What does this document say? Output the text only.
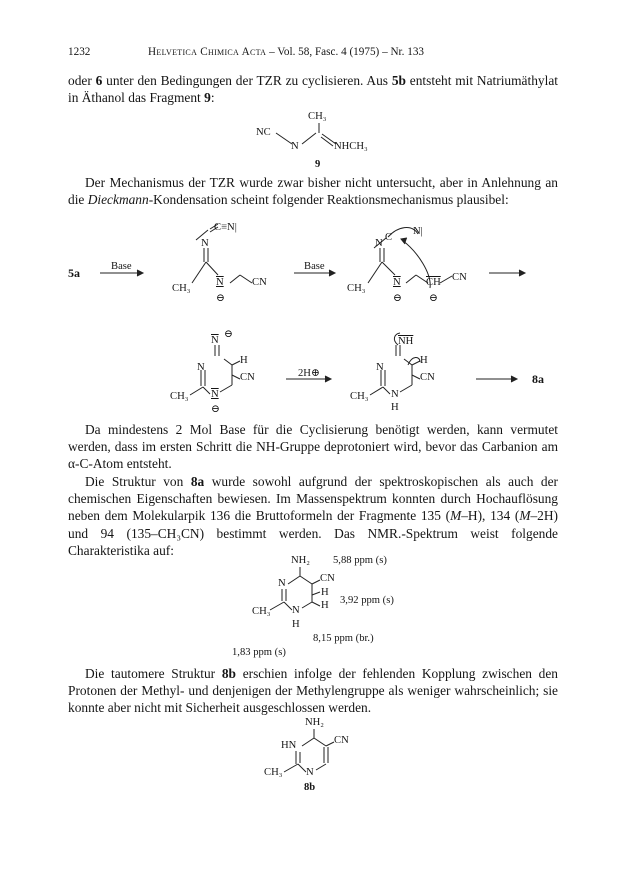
1232	Helvetica Chimica Acta – Vol. 58, Fasc. 4 (1975) – Nr. 133

oder 6 unter den Bedingungen der TZR zu cyclisieren. Aus 5b entsteht mit Natriumäthylat in Äthanol das Fragment 9:

NC
N
CH₃
NHCH₃
9

Der Mechanismus der TZR wurde zwar bisher nicht untersucht, aber in Anlehnung an die Dieckmann-Kondensation scheint folgender Reaktionsmechanismus plausibel:

5a	Base
C≡N|
N
CH₃
N	CN
⊖
Base
C
N|
N
CH₃
N $\overline{CH}$ CN
⊖	⊖
$\overline{N}$
⊖
N
H
CN
CH₃ N
⊖
2H⊕
$\overline{NH}$
N
H
CN
CH₃ N
H
8a

Da mindestens 2 Mol Base für die Cyclisierung benötigt werden, kann vermutet werden, dass im ersten Schritt die NH-Gruppe deprotoniert wird, bevor das Carbanion am α-C-Atom entsteht.

Die Struktur von 8a wurde sowohl aufgrund der spektroskopischen als auch der chemischen Eigenschaften bewiesen. Im Massenspektrum konnten durch Hochauflösung neben dem Molekularpik 136 die Bruttoformeln der Fragmente 135 (M–H), 134 (M–2H) und 94 (135–CH₃CN) bestimmt werden. Das NMR.-Spektrum weist folgende Charakteristika auf:

NH₂
N	CN
H
H
CH₃ N
H
5,88 ppm (s)
3,92 ppm (s)
8,15 ppm (br.)
1,83 ppm (s)

Die tautomere Struktur 8b erschien infolge der fehlenden Kopplung zwischen den Protonen der Methyl- und denjenigen der Methylengruppe als weniger wahrscheinlich; sie konnte aber nicht mit Sicherheit ausgeschlossen werden.

NH₂
HN	CN
CH₃ N
8b
